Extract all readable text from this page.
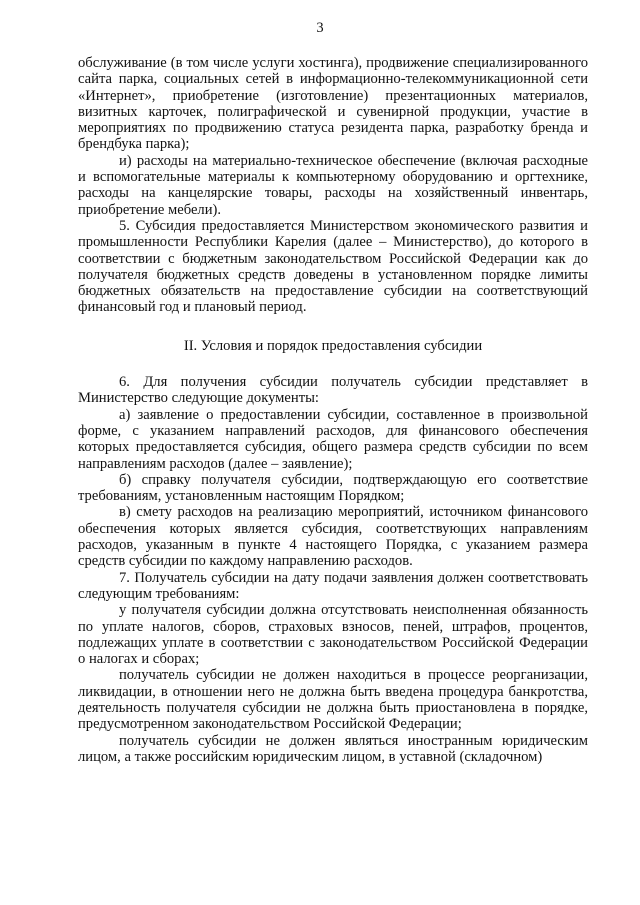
3

обслуживание (в том числе услуги хостинга), продвижение специализированного сайта парка, социальных сетей в информационно-телекоммуникационной сети «Интернет», приобретение (изготовление) презентационных материалов, визитных карточек, полиграфической и сувенирной продукции, участие в мероприятиях по продвижению статуса резидента парка, разработку бренда и брендбука парка);

и) расходы на материально-техническое обеспечение (включая расходные и вспомогательные материалы к компьютерному оборудованию и оргтехнике, расходы на канцелярские товары, расходы на хозяйственный инвентарь, приобретение мебели).

5. Субсидия предоставляется Министерством экономического развития и промышленности Республики Карелия (далее – Министерство), до которого в соответствии с бюджетным законодательством Российской Федерации как до получателя бюджетных средств доведены в установленном порядке лимиты бюджетных обязательств на предоставление субсидии на соответствующий финансовый год и плановый период.

II. Условия и порядок предоставления субсидии

6. Для получения субсидии получатель субсидии представляет в Министерство следующие документы:

а) заявление о предоставлении субсидии, составленное в произвольной форме, с указанием направлений расходов, для финансового обеспечения которых предоставляется субсидия, общего размера средств субсидии по всем направлениям расходов (далее – заявление);

б) справку получателя субсидии, подтверждающую его соответствие требованиям, установленным настоящим Порядком;

в) смету расходов на реализацию мероприятий, источником финансового обеспечения которых является субсидия, соответствующих направлениям расходов, указанным в пункте 4 настоящего Порядка, с указанием размера средств субсидии по каждому направлению расходов.

7. Получатель субсидии на дату подачи заявления должен соответствовать следующим требованиям:

у получателя субсидии должна отсутствовать неисполненная обязанность по уплате налогов, сборов, страховых взносов, пеней, штрафов, процентов, подлежащих уплате в соответствии с законодательством Российской Федерации о налогах и сборах;

получатель субсидии не должен находиться в процессе реорганизации, ликвидации, в отношении него не должна быть введена процедура банкротства, деятельность получателя субсидии не должна быть приостановлена в порядке, предусмотренном законодательством Российской Федерации;

получатель субсидии не должен являться иностранным юридическим лицом, а также российским юридическим лицом, в уставной (складочном)
